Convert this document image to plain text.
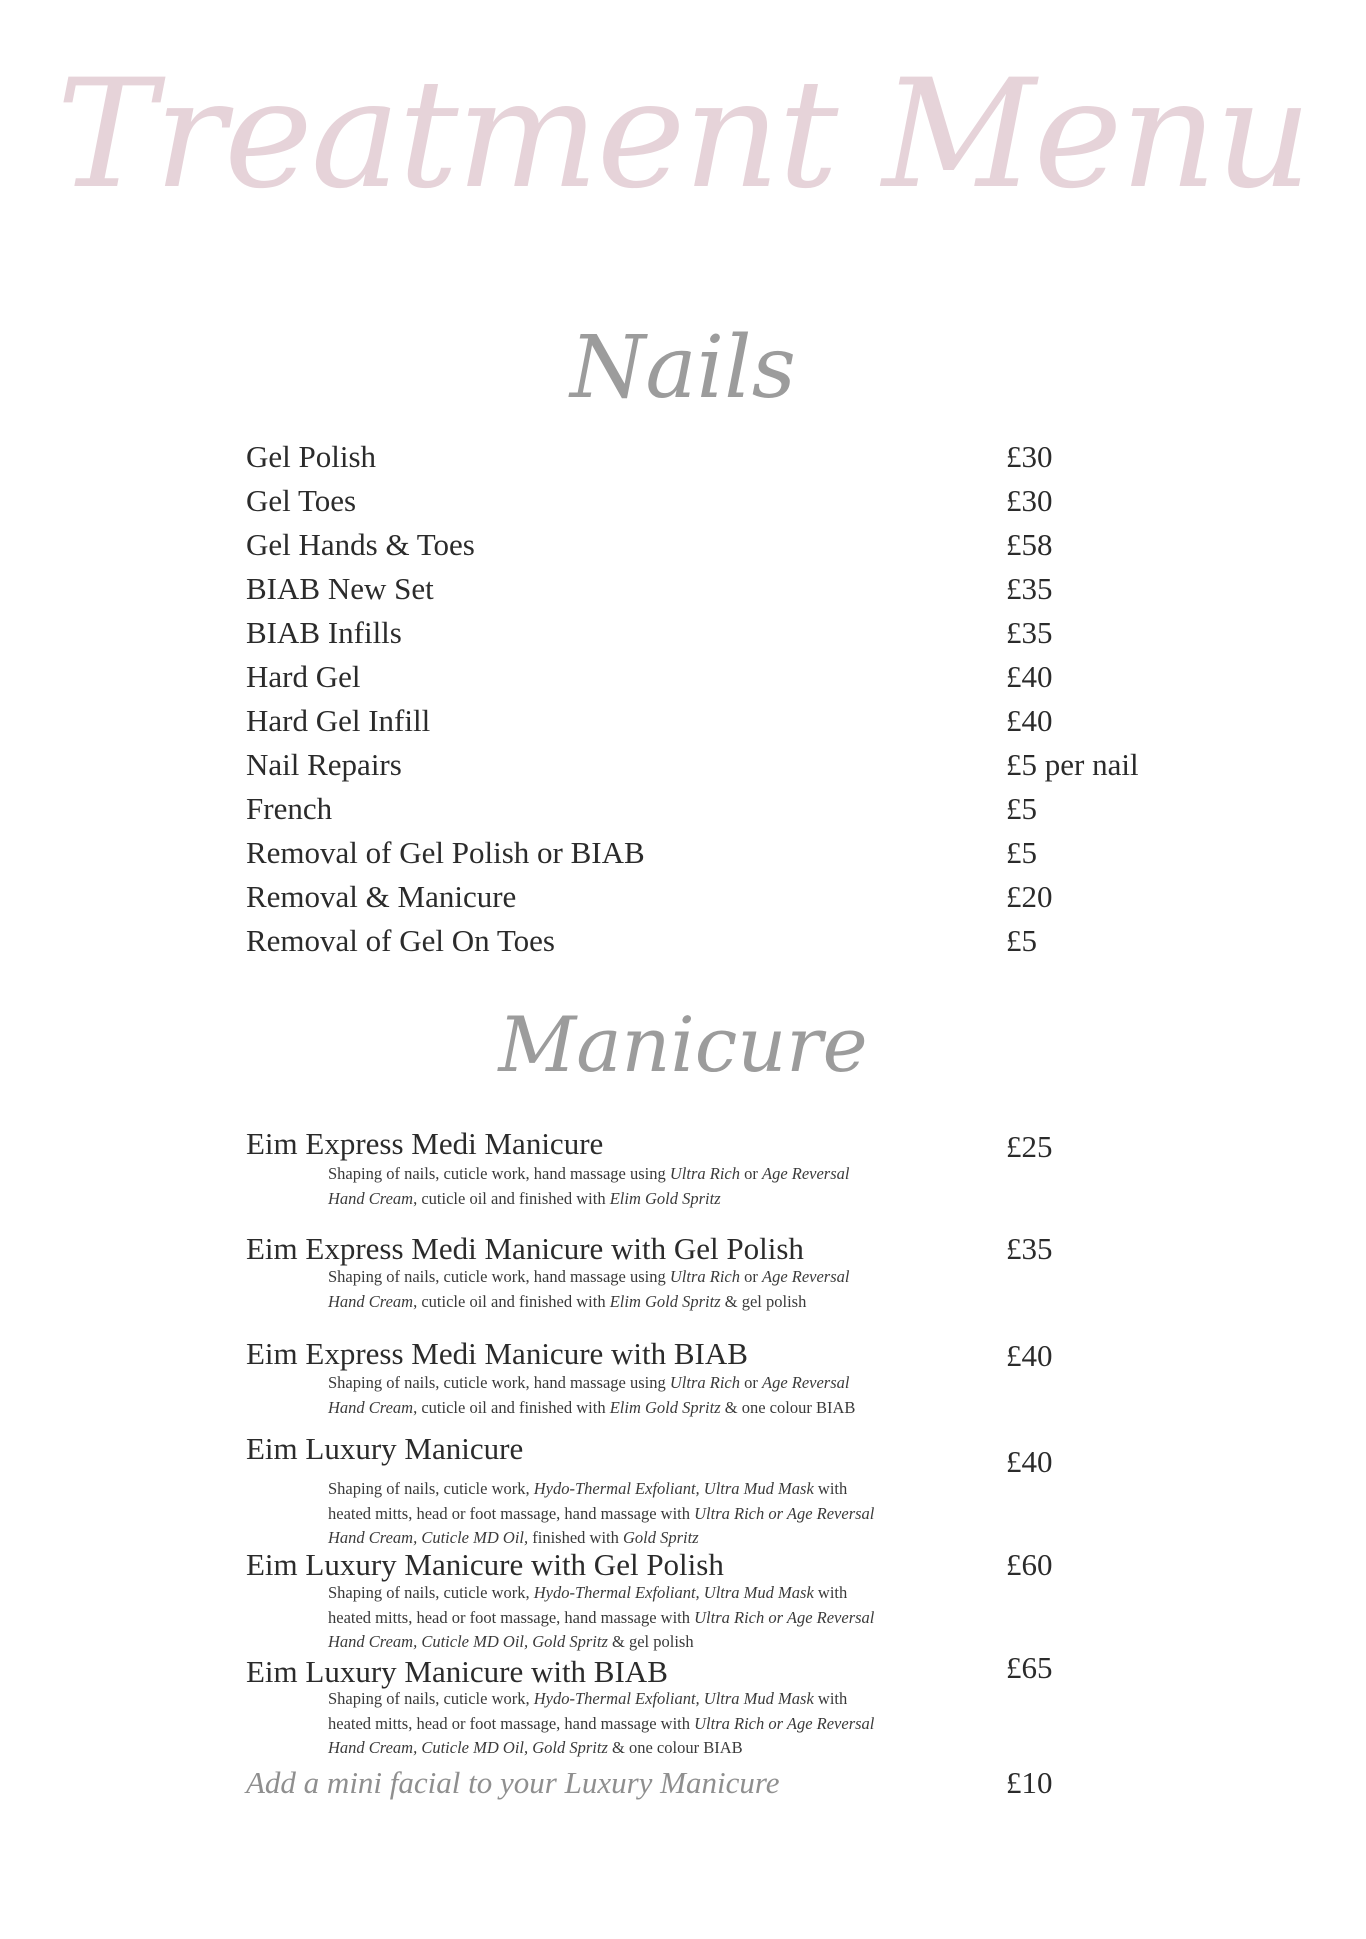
Treatment Menu
Nails
Gel Polish	£30
Gel Toes	£30
Gel Hands & Toes	£58
BIAB New Set	£35
BIAB Infills	£35
Hard Gel	£40
Hard Gel Infill	£40
Nail Repairs	£5 per nail
French	£5
Removal of Gel Polish or BIAB	£5
Removal & Manicure	£20
Removal of Gel On Toes	£5
Manicure
Eim Express Medi Manicure	£25
Shaping of nails, cuticle work, hand massage using Ultra Rich or Age Reversal Hand Cream, cuticle oil and finished with Elim Gold Spritz
Eim Express Medi Manicure with Gel Polish	£35
Shaping of nails, cuticle work, hand massage using Ultra Rich or Age Reversal Hand Cream, cuticle oil and finished with Elim Gold Spritz & gel polish
Eim Express Medi Manicure with BIAB	£40
Shaping of nails, cuticle work, hand massage using Ultra Rich or Age Reversal Hand Cream, cuticle oil and finished with Elim Gold Spritz & one colour BIAB
Eim Luxury Manicure	£40
Shaping of nails, cuticle work, Hydo-Thermal Exfoliant, Ultra Mud Mask with heated mitts, head or foot massage, hand massage with Ultra Rich or Age Reversal Hand Cream, Cuticle MD Oil, finished with Gold Spritz
Eim Luxury Manicure with Gel Polish	£60
Shaping of nails, cuticle work, Hydo-Thermal Exfoliant, Ultra Mud Mask with heated mitts, head or foot massage, hand massage with Ultra Rich or Age Reversal Hand Cream, Cuticle MD Oil, Gold Spritz & gel polish
Eim Luxury Manicure with BIAB	£65
Shaping of nails, cuticle work, Hydo-Thermal Exfoliant, Ultra Mud Mask with heated mitts, head or foot massage, hand massage with Ultra Rich or Age Reversal Hand Cream, Cuticle MD Oil, Gold Spritz & one colour BIAB
Add a mini facial to your Luxury Manicure	£10
